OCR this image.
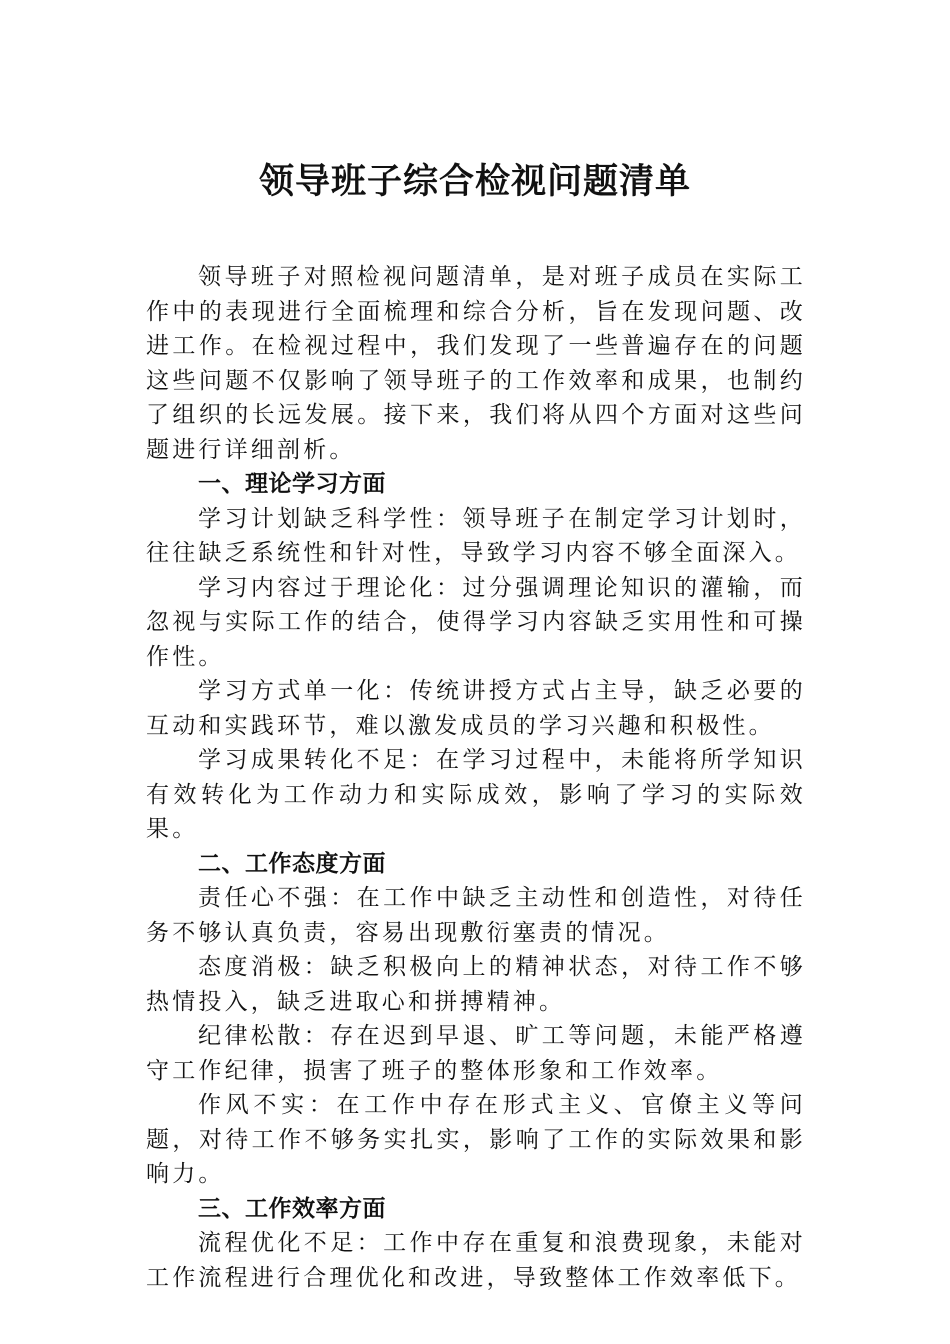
领导班子综合检视问题清单

领导班子对照检视问题清单，是对班子成员在实际工作中的表现进行全面梳理和综合分析，旨在发现问题、改进工作。在检视过程中，我们发现了一些普遍存在的问题这些问题不仅影响了领导班子的工作效率和成果，也制约了组织的长远发展。接下来，我们将从四个方面对这些问题进行详细剖析。

一、理论学习方面

学习计划缺乏科学性：领导班子在制定学习计划时，往往缺乏系统性和针对性，导致学习内容不够全面深入。

学习内容过于理论化：过分强调理论知识的灌输，而忽视与实际工作的结合，使得学习内容缺乏实用性和可操作性。

学习方式单一化：传统讲授方式占主导，缺乏必要的互动和实践环节，难以激发成员的学习兴趣和积极性。

学习成果转化不足：在学习过程中，未能将所学知识有效转化为工作动力和实际成效，影响了学习的实际效果。

二、工作态度方面

责任心不强：在工作中缺乏主动性和创造性，对待任务不够认真负责，容易出现敷衍塞责的情况。

态度消极：缺乏积极向上的精神状态，对待工作不够热情投入，缺乏进取心和拼搏精神。

纪律松散：存在迟到早退、旷工等问题，未能严格遵守工作纪律，损害了班子的整体形象和工作效率。

作风不实：在工作中存在形式主义、官僚主义等问题，对待工作不够务实扎实，影响了工作的实际效果和影响力。

三、工作效率方面

流程优化不足：工作中存在重复和浪费现象，未能对工作流程进行合理优化和改进，导致整体工作效率低下。
